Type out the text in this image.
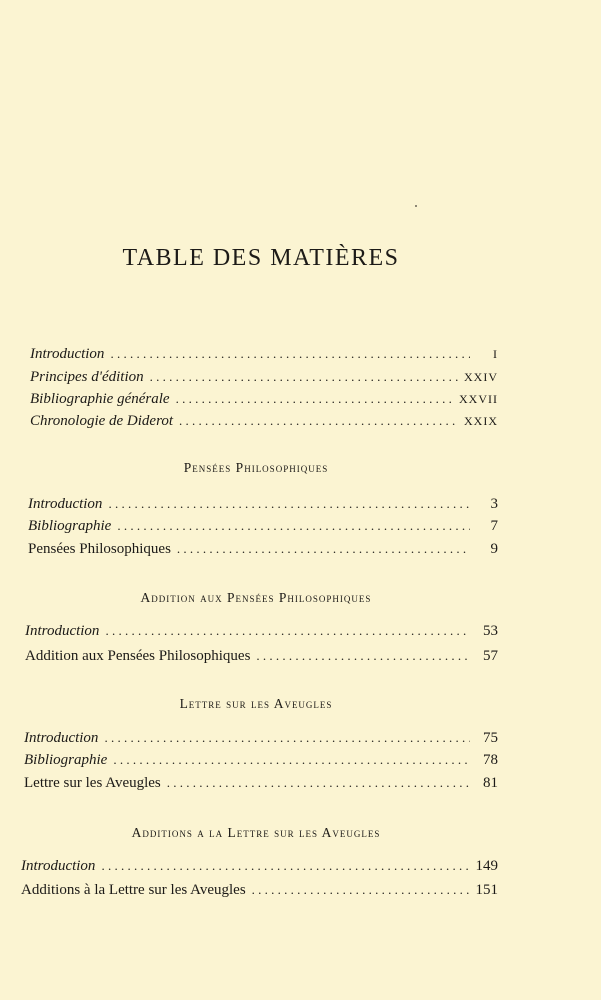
TABLE DES MATIÈRES
Introduction . . .	I
Principes d'édition . . .	XXIV
Bibliographie générale . . .	XXVII
Chronologie de Diderot . . .	XXIX
Pensées Philosophiques
Introduction . . .	3
Bibliographie . . .	7
Pensées Philosophiques . . .	9
Addition aux Pensées Philosophiques
Introduction . . .	53
Addition aux Pensées Philosophiques . . .	57
Lettre sur les Aveugles
Introduction . . .	75
Bibliographie . . .	78
Lettre sur les Aveugles . . .	81
Additions a la Lettre sur les Aveugles
Introduction . . .	149
Additions à la Lettre sur les Aveugles . . .	151
